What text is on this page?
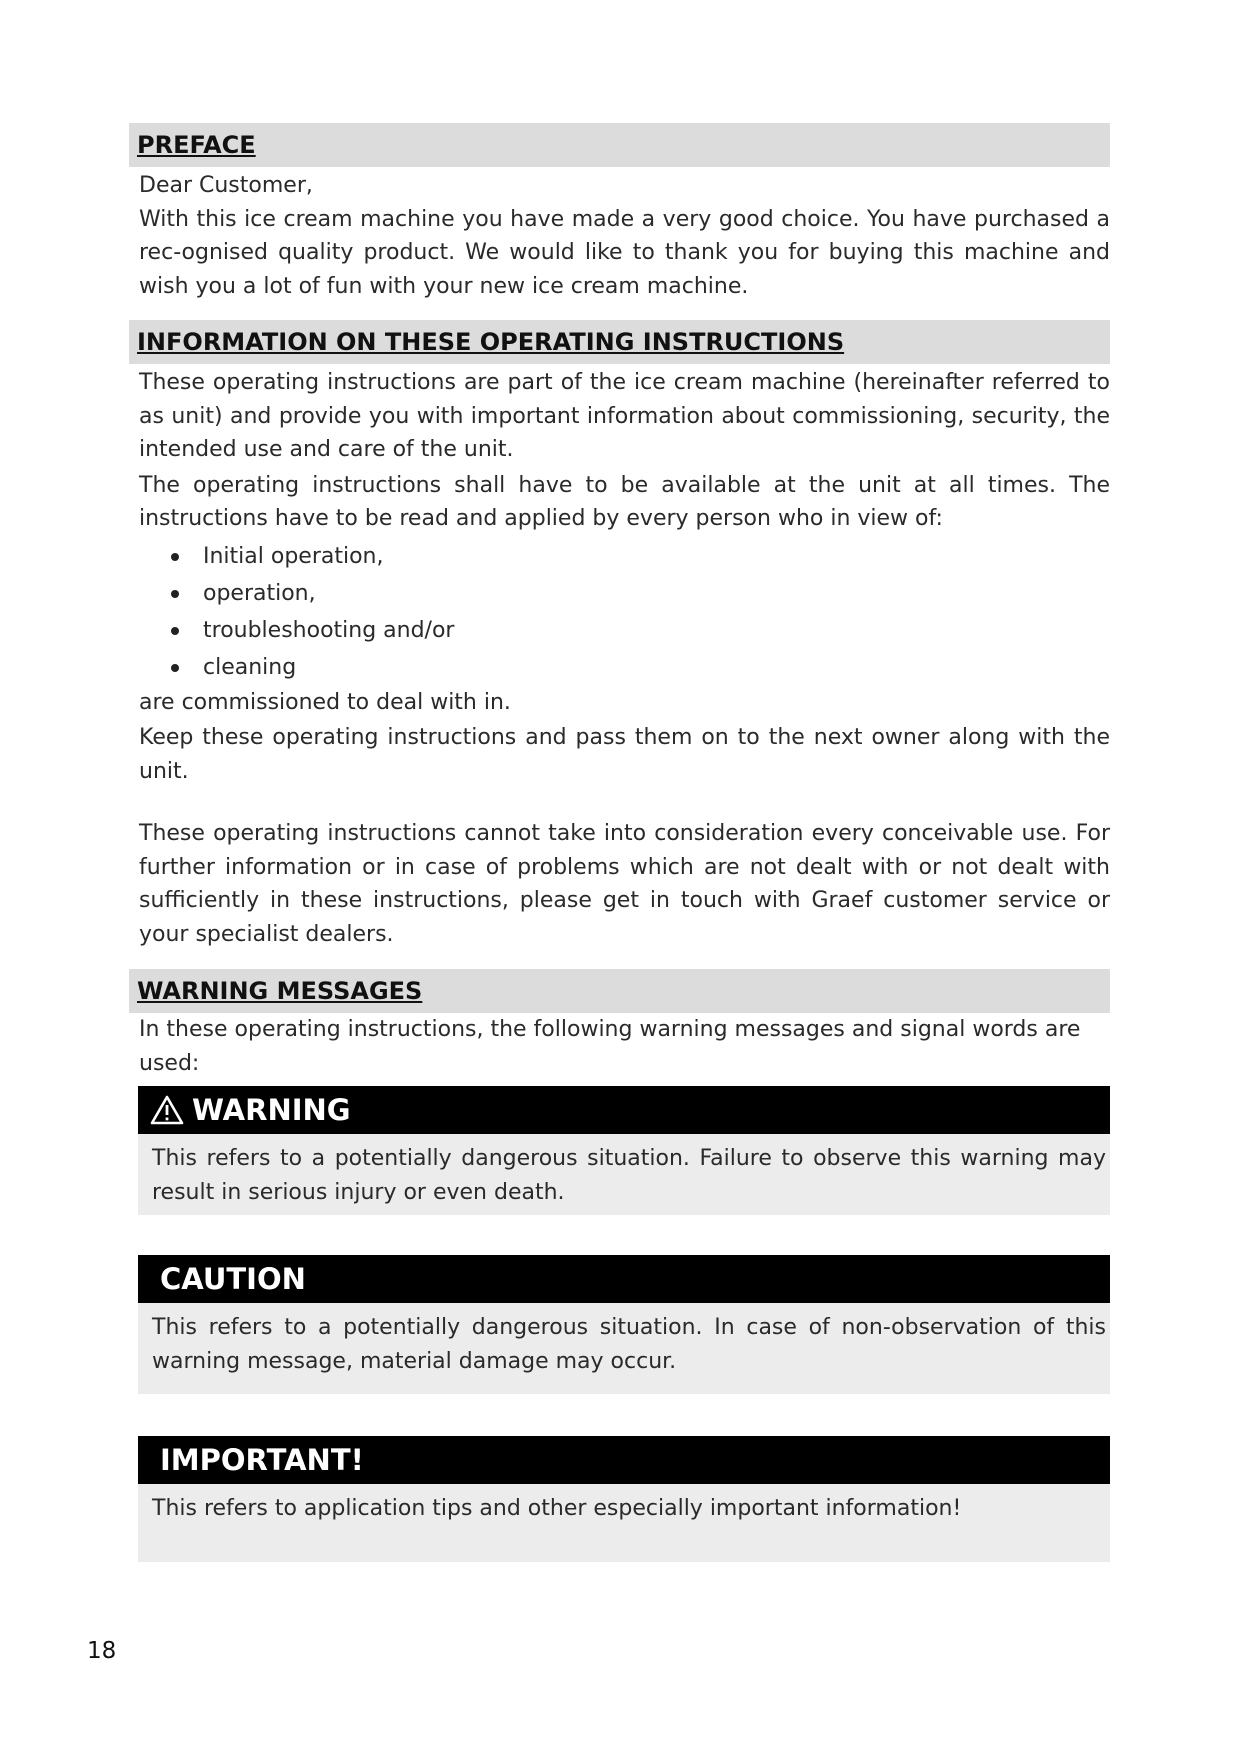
PREFACE

Dear Customer,

With this ice cream machine you have made a very good choice. You have purchased a rec-ognised quality product. We would like to thank you for buying this machine and wish you a lot of fun with your new ice cream machine.

INFORMATION ON THESE OPERATING INSTRUCTIONS

These operating instructions are part of the ice cream machine (hereinafter referred to as unit) and provide you with important information about commissioning, security, the intended use and care of the unit.

The operating instructions shall have to be available at the unit at all times. The instructions have to be read and applied by every person who in view of:

Initial operation,
operation,
troubleshooting and/or
cleaning

are commissioned to deal with in.

Keep these operating instructions and pass them on to the next owner along with the unit.

These operating instructions cannot take into consideration every conceivable use. For further information or in case of problems which are not dealt with or not dealt with sufficiently in these instructions, please get in touch with Graef customer service or your specialist dealers.

WARNING MESSAGES

In these operating instructions, the following warning messages and signal words are used:

WARNING
This refers to a potentially dangerous situation. Failure to observe this warning may result in serious injury or even death.
CAUTION
This refers to a potentially dangerous situation. In case of non-observation of this warning message, material damage may occur.
IMPORTANT!
This refers to application tips and other especially important information!
18
